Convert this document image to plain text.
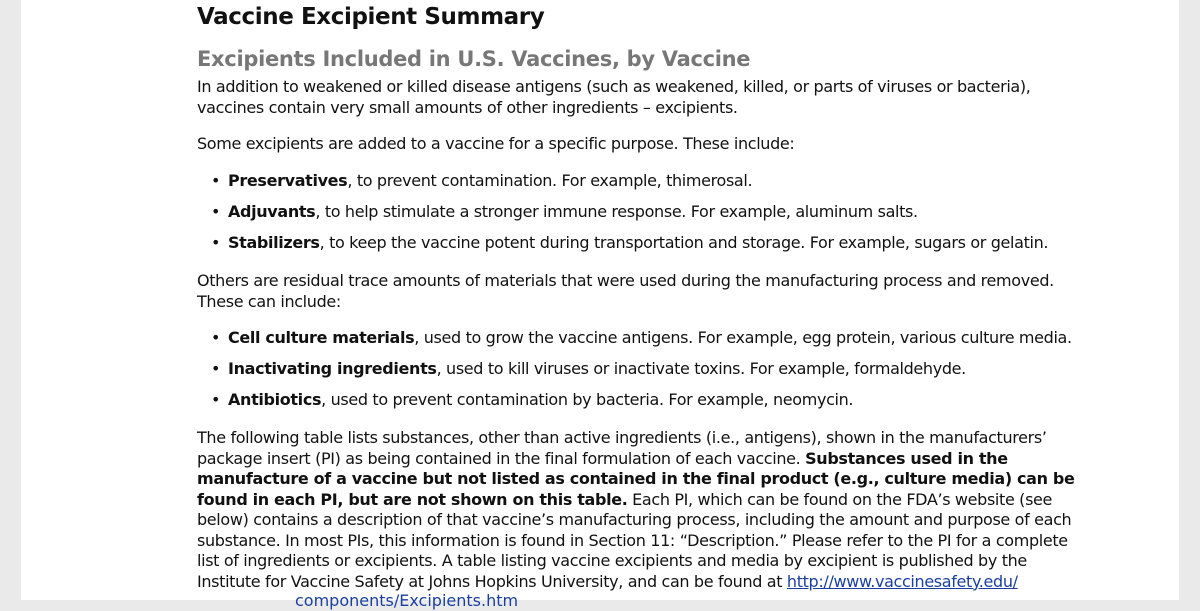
Vaccine Excipient Summary
Excipients Included in U.S. Vaccines, by Vaccine

In addition to weakened or killed disease antigens (such as weakened, killed, or parts of viruses or bacteria), vaccines contain very small amounts of other ingredients – excipients.

Some excipients are added to a vaccine for a specific purpose. These include:

• Preservatives, to prevent contamination. For example, thimerosal.
• Adjuvants, to help stimulate a stronger immune response. For example, aluminum salts.
• Stabilizers, to keep the vaccine potent during transportation and storage. For example, sugars or gelatin.

Others are residual trace amounts of materials that were used during the manufacturing process and removed. These can include:

• Cell culture materials, used to grow the vaccine antigens. For example, egg protein, various culture media.
• Inactivating ingredients, used to kill viruses or inactivate toxins. For example, formaldehyde.
• Antibiotics, used to prevent contamination by bacteria. For example, neomycin.

The following table lists substances, other than active ingredients (i.e., antigens), shown in the manufacturers’ package insert (PI) as being contained in the final formulation of each vaccine. Substances used in the manufacture of a vaccine but not listed as contained in the final product (e.g., culture media) can be found in each PI, but are not shown on this table. Each PI, which can be found on the FDA’s website (see below) contains a description of that vaccine’s manufacturing process, including the amount and purpose of each substance. In most PIs, this information is found in Section 11: “Description.” Please refer to the PI for a complete list of ingredients or excipients. A table listing vaccine excipients and media by excipient is published by the Institute for Vaccine Safety at Johns Hopkins University, and can be found at http://www.vaccinesafety.edu/

components/Excipients.htm
